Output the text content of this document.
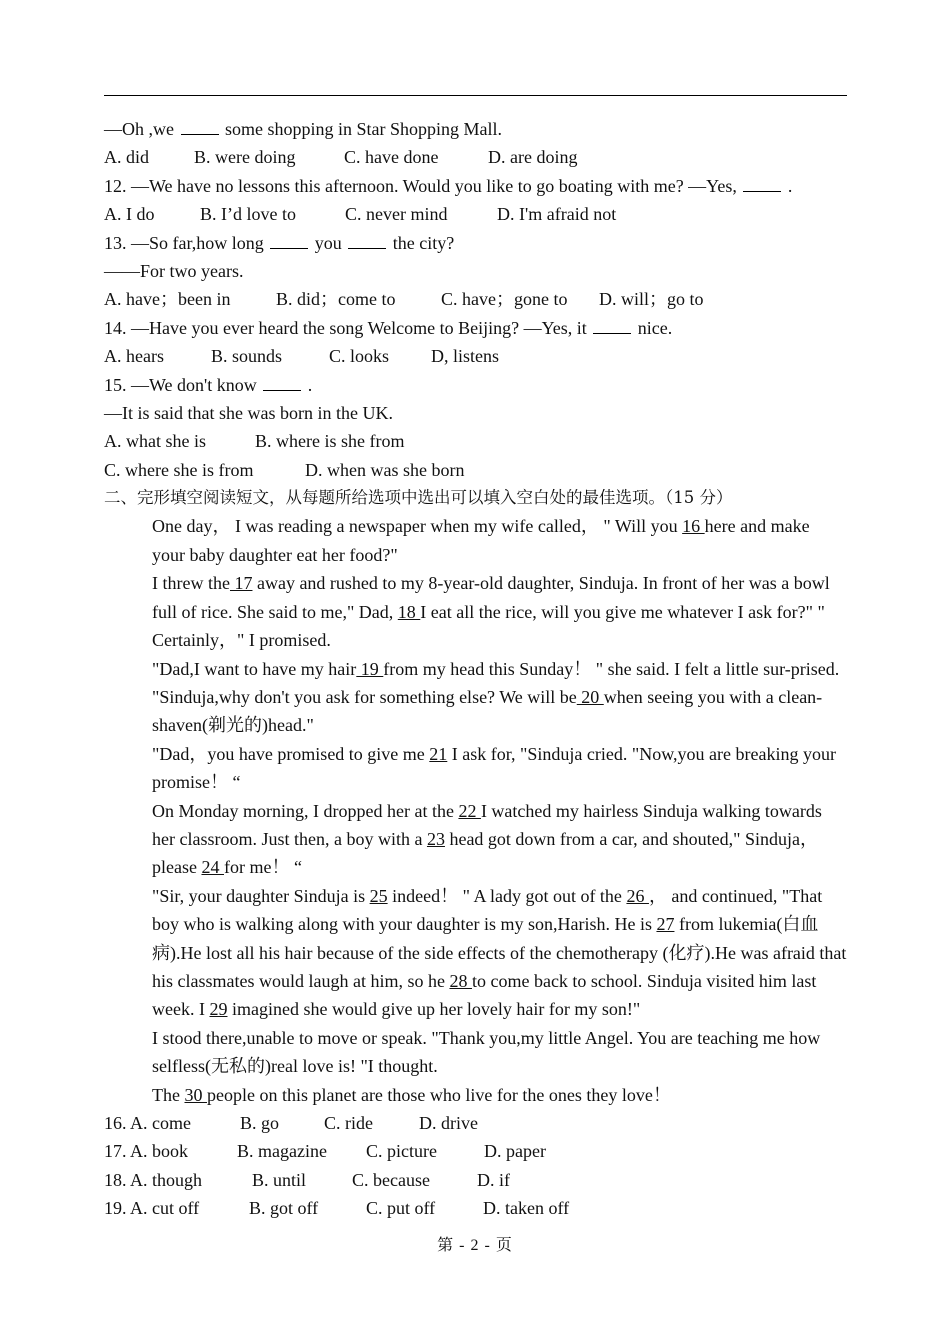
—Oh ,we  some shopping in Star Shopping Mall.
A. did	B. were doing	C. have done	D. are doing
12. —We have no lessons this afternoon. Would you like to go boating with me? —Yes,  .
A. I do	B. I’d love to	C. never mind	D. I'm afraid not
13. —So far,how long  you  the city?
——For two years.
A. have；been in	B. did；come to	C. have；gone to D. will；go to
14. —Have you ever heard the song Welcome to Beijing? —Yes, it  nice.
A. hears	B. sounds	C. looks D, listens
15. —We don't know  .
—It is said that she was born in the UK.
A. what she is	B. where is she from
C. where she is from	D. when was she born
二、完形填空阅读短文，从每题所给选项中选出可以填入空白处的最佳选项。（15 分）
One day， I was reading a newspaper when my wife called， " Will you 16 here and make your baby daughter eat her food?"
I threw the 17 away and rushed to my 8-year-old daughter, Sinduja. In front of her was a bowl full of rice. She said to me," Dad, 18 I eat all the rice, will you give me whatever I ask for?" " Certainly，" I promised.
"Dad,I want to have my hair 19 from my head this Sunday！ " she said. I felt a little sur-prised. "Sinduja,why don't you ask for something else? We will be 20 when seeing you with a clean-shaven(剃光的)head."
"Dad，you have promised to give me 21 I ask for, "Sinduja cried. "Now,you are breaking your promise！ “
On Monday morning, I dropped her at the 22 I watched my hairless Sinduja walking towards her classroom. Just then, a boy with a 23 head got down from a car, and shouted," Sinduja，please 24 for me！ “
"Sir, your daughter Sinduja is 25 indeed！ " A lady got out of the 26 ， and continued, "That boy who is walking along with your daughter is my son,Harish. He is 27 from lukemia(白血病).He lost all his hair because of the side effects of the chemotherapy (化疗).He was afraid that his classmates would laugh at him, so he 28 to come back to school. Sinduja visited him last week. I 29 imagined she would give up her lovely hair for my son!"
I stood there,unable to move or speak. "Thank you,my little Angel. You are teaching me how selfless(无私的)real love is! "I thought.
The 30 people on this planet are those who live for the ones they love！
16. A. come	B. go C. ride	D. drive
17. A. book	B. magazine C. picture	D. paper
18. A. though	B. until	C. because	D. if
19. A. cut off	B. got off	C. put off	D. taken off
第 - 2 - 页
